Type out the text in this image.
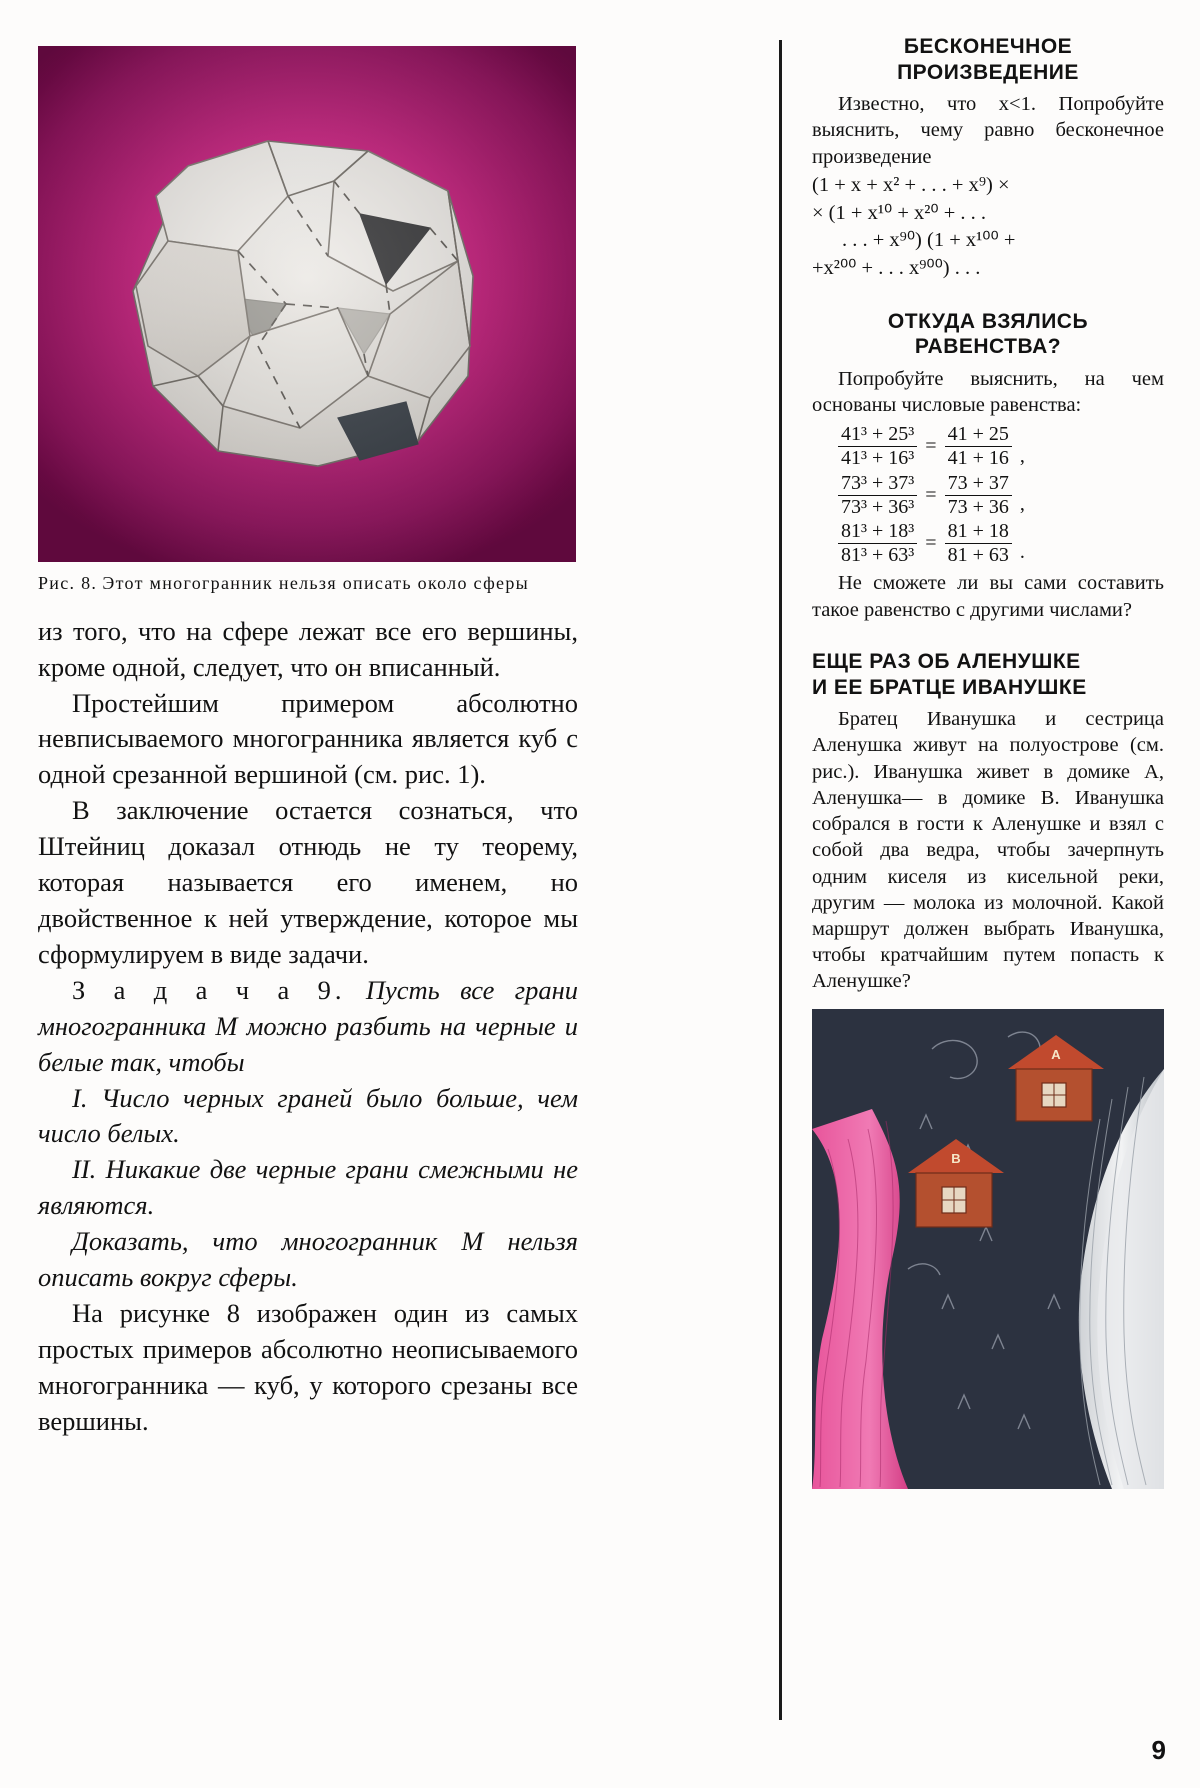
Рис. 8. Этот многогранник нельзя описать около сферы

из того, что на сфере лежат все его вершины, кроме одной, следует, что он вписанный.

Простейшим примером абсолютно невписываемого многогранника является куб с одной срезанной вершиной (см. рис. 1).

В заключение остается сознаться, что Штейниц доказал отнюдь не ту теорему, которая называется его именем, но двойственное к ней утверждение, которое мы сформулируем в виде задачи.

З а д а ч а 9. Пусть все грани многогранника М можно разбить на черные и белые так, чтобы

I. Число черных граней было больше, чем число белых.

II. Никакие две черные грани смежными не являются.

Доказать, что многогранник М нельзя описать вокруг сферы.

На рисунке 8 изображен один из самых простых примеров абсолютно неописываемого многогранника — куб, у которого срезаны все вершины.

БЕСКОНЕЧНОЕ
ПРОИЗВЕДЕНИЕ

Известно, что x<1. Попробуйте выяснить, чему равно бесконечное произведение

(1 + x + x² + . . . + x⁹) ×
× (1 + x¹⁰ + x²⁰ + . . .
. . . + x⁹⁰) (1 + x¹⁰⁰ +
+x²⁰⁰ + . . . x⁹⁰⁰) . . .
ОТКУДА ВЗЯЛИСЬ
РАВЕНСТВА?

Попробуйте выяснить, на чем основаны числовые равенства:

$\frac{\text{41³ + 25³}}{\text{41³ + 16³}} = \frac{41 + 25}{41 + 16}$ ,
$\frac{\text{73³ + 37³}}{\text{73³ + 36³}} = \frac{73 + 37}{73 + 36}$ ,
$\frac{\text{81³ + 18³}}{\text{81³ + 63³}} = \frac{81 + 18}{81 + 63}$ .

Не сможете ли вы сами составить такое равенство с другими числами?

ЕЩЕ РАЗ ОБ АЛЕНУШКЕ
И ЕЕ БРАТЦЕ ИВАНУШКЕ

Братец Иванушка и сестрица Аленушка живут на полуострове (см. рис.). Иванушка живет в домике A, Аленушка— в домике B. Иванушка собрался в гости к Аленушке и взял с собой два ведра, чтобы зачерпнуть одним киселя из кисельной реки, другим — молока из молочной. Какой маршрут должен выбрать Иванушка, чтобы кратчайшим путем попасть к Аленушке?

A
B
9
